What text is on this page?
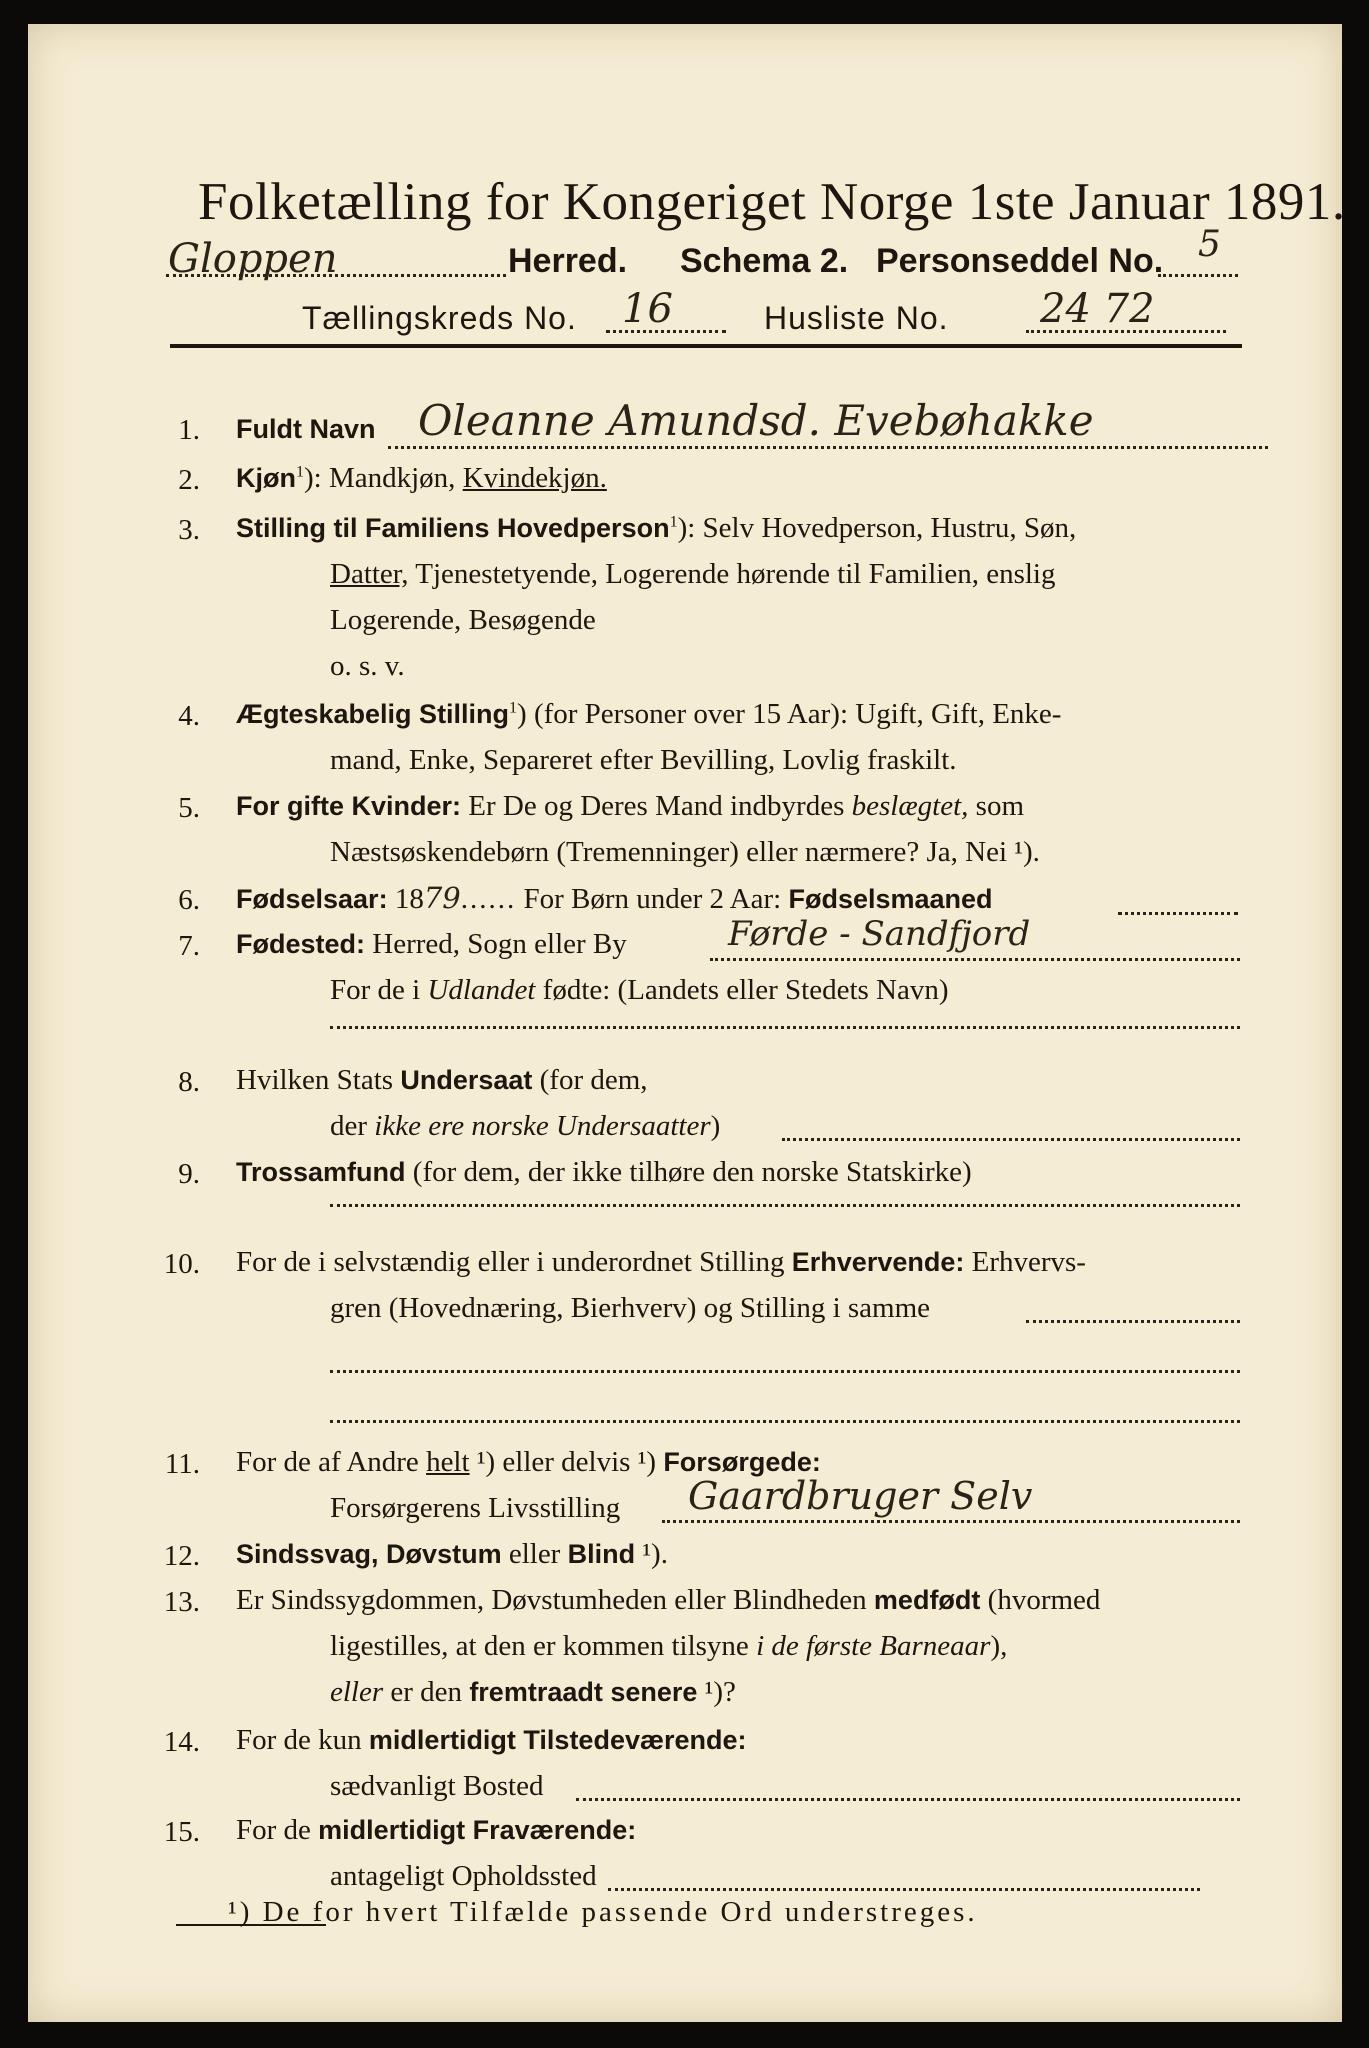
Folketælling for Kongeriget Norge 1ste Januar 1891.
Gloppen	Herred. Schema 2. Personseddel No. 5
Tællingskreds No. 16	Husliste No. 24 72
1. Fuldt Navn Oleanne Amundsd. Evebøhakke
2. Kjøn$^1$): Mandkjøn, Kvindekjøn.
3. Stilling til Familiens Hovedperson$^1$): Selv Hovedperson, Hustru, Søn,
Datter, Tjenestetyende, Logerende hørende til Familien, enslig
Logerende, Besøgende
o. s. v.
4. Ægteskabelig Stilling$^1$) (for Personer over 15 Aar): Ugift, Gift, Enke-
mand, Enke, Separeret efter Bevilling, Lovlig fraskilt.
5. For gifte Kvinder: Er De og Deres Mand indbyrdes beslægtet, som
Næstsøskendebørn (Tremenninger) eller nærmere? Ja, Nei ¹).
6. Fødselsaar: 1879...... For Børn under 2 Aar: Fødselsmaaned
7. Fødested: Herred, Sogn eller By	Førde - Sandfjord
For de i Udlandet fødte: (Landets eller Stedets Navn)
8. Hvilken Stats Undersaat (for dem,
der ikke ere norske Undersaatter)
9. Trossamfund (for dem, der ikke tilhøre den norske Statskirke)
10. For de i selvstændig eller i underordnet Stilling Erhvervende: Erhvervs-
gren (Hovednæring, Bierhverv) og Stilling i samme
11. For de af Andre helt ¹) eller delvis ¹) Forsørgede:
Forsørgerens Livsstilling Gaardbruger Selv
12. Sindssvag, Døvstum eller Blind ¹).
13. Er Sindssygdommen, Døvstumheden eller Blindheden medfødt (hvormed
ligestilles, at den er kommen tilsyne i de første Barneaar),
eller er den fremtraadt senere ¹)?
14. For de kun midlertidigt Tilstedeværende:
sædvanligt Bosted
15. For de midlertidigt Fraværende:
antageligt Opholdssted
¹) De for hvert Tilfælde passende Ord understreges.
